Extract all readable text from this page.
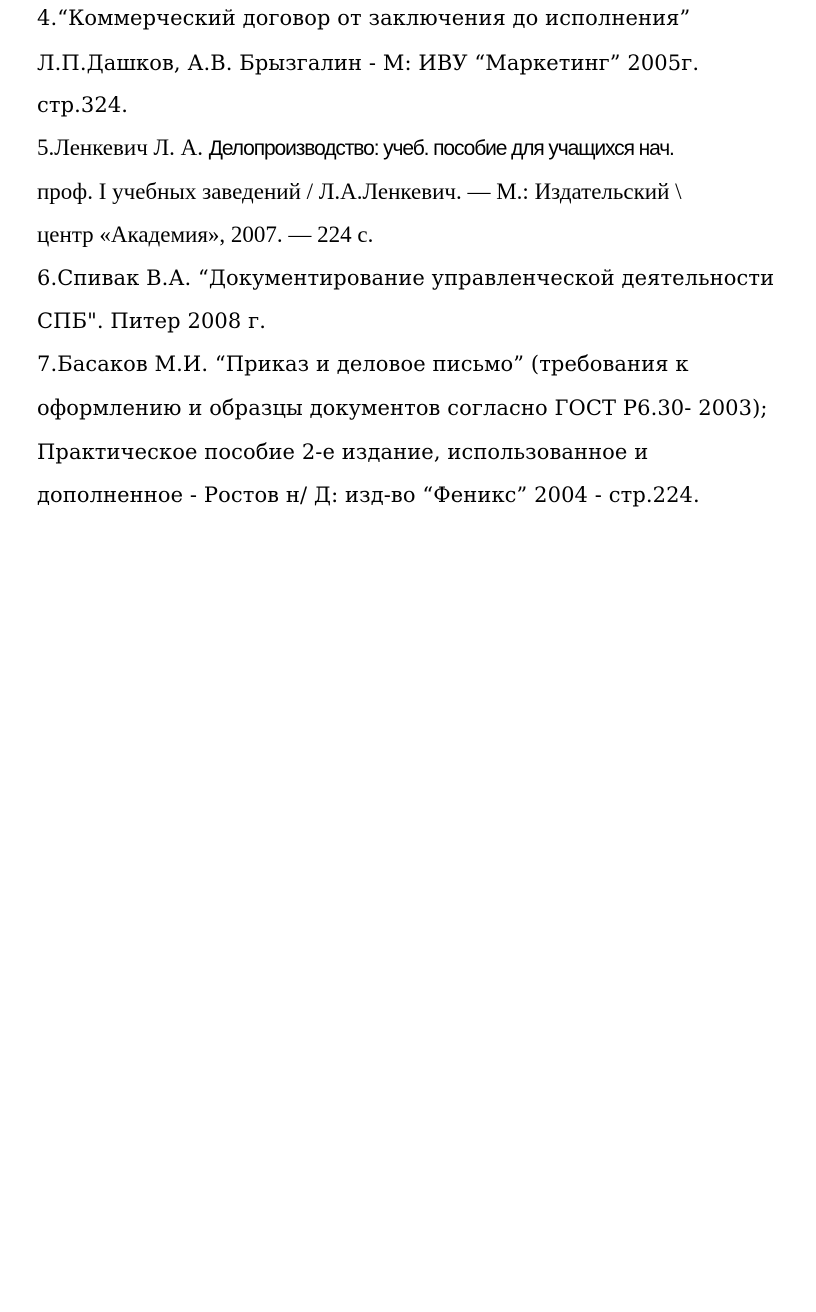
4.“Коммерческий договор от заключения до исполнения”
Л.П.Дашков, А.В. Брызгалин - М: ИВУ “Маркетинг” 2005г.
стр.324.
5.Ленкевич Л. А. Делопроизводство: учеб. пособие для учащихся нач.
проф. I учебных заведений / Л.А.Ленкевич. — М.: Издательский \
центр «Академия», 2007. — 224 с.
6.Спивак В.А. “Документирование управленческой деятельности
СПБ". Питер 2008 г.
7.Басаков М.И. “Приказ и деловое письмо” (требования к
оформлению и образцы документов согласно ГОСТ Р6.30- 2003);
Практическое пособие 2-е издание, использованное и
дополненное - Ростов н/ Д: изд-во “Феникс” 2004 - стр.224.
